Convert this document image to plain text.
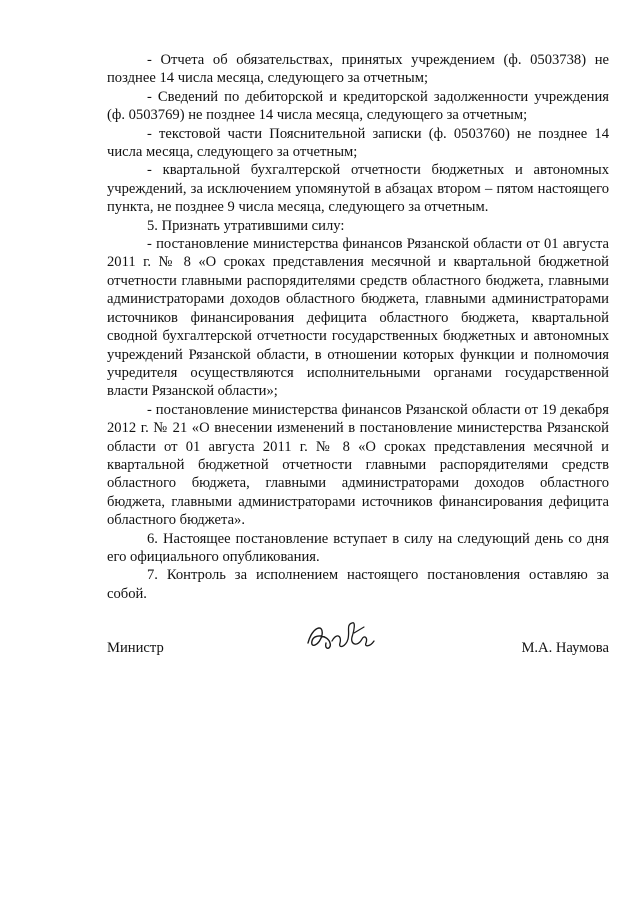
- Отчета об обязательствах, принятых учреждением (ф. 0503738) не позднее 14 числа месяца, следующего за отчетным;

- Сведений по дебиторской и кредиторской задолженности учреждения (ф. 0503769) не позднее 14 числа месяца, следующего за отчетным;

- текстовой части Пояснительной записки (ф. 0503760) не позднее 14 числа месяца, следующего за отчетным;

- квартальной бухгалтерской отчетности бюджетных и автономных учреждений, за исключением упомянутой в абзацах втором – пятом настоящего пункта, не позднее 9 числа месяца, следующего за отчетным.

5. Признать утратившими силу:

- постановление министерства финансов Рязанской области от 01 августа 2011 г. № 8 «О сроках представления месячной и квартальной бюджетной отчетности главными распорядителями средств областного бюджета, главными администраторами доходов областного бюджета, главными администраторами источников финансирования дефицита областного бюджета, квартальной сводной бухгалтерской отчетности государственных бюджетных и автономных учреждений Рязанской области, в отношении которых функции и полномочия учредителя осуществляются исполнительными органами государственной власти Рязанской области»;

- постановление министерства финансов Рязанской области от 19 декабря 2012 г. № 21 «О внесении изменений в постановление министерства Рязанской области от 01 августа 2011 г. № 8 «О сроках представления месячной и квартальной бюджетной отчетности главными распорядителями средств областного бюджета, главными администраторами доходов областного бюджета, главными администраторами источников финансирования дефицита областного бюджета».

6. Настоящее постановление вступает в силу на следующий день со дня его официального опубликования.

7. Контроль за исполнением настоящего постановления оставляю за собой.

Министр	М.А. Наумова
